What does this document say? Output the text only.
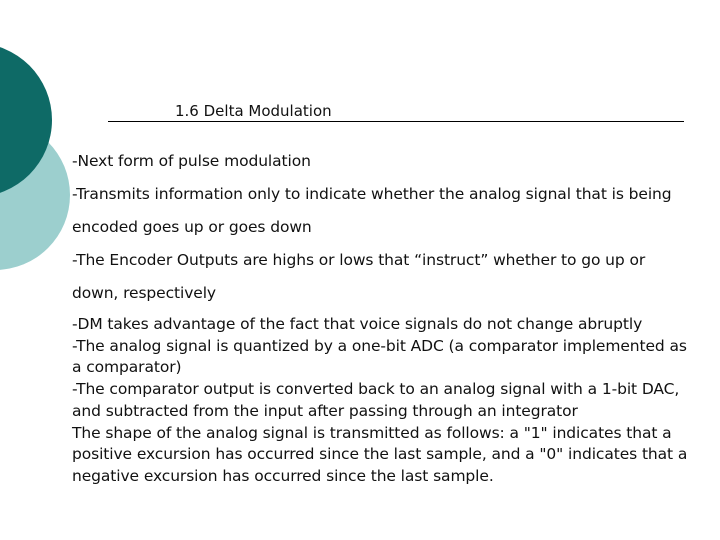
1.6 Delta Modulation
-Next form of pulse modulation
-Transmits information only to indicate whether the analog signal that is being
encoded goes up or goes down
-The Encoder Outputs are highs or lows that “instruct” whether to go up or
down, respectively
-DM takes advantage of the fact that voice signals do not change abruptly
-The analog signal is quantized by a one-bit ADC (a comparator implemented as
a comparator)
-The comparator output is converted back to an analog signal with a 1-bit DAC,
and subtracted from the input after passing through an integrator
The shape of the analog signal is transmitted as follows: a "1" indicates that a
positive excursion has occurred since the last sample, and a "0" indicates that a
negative excursion has occurred since the last sample.
